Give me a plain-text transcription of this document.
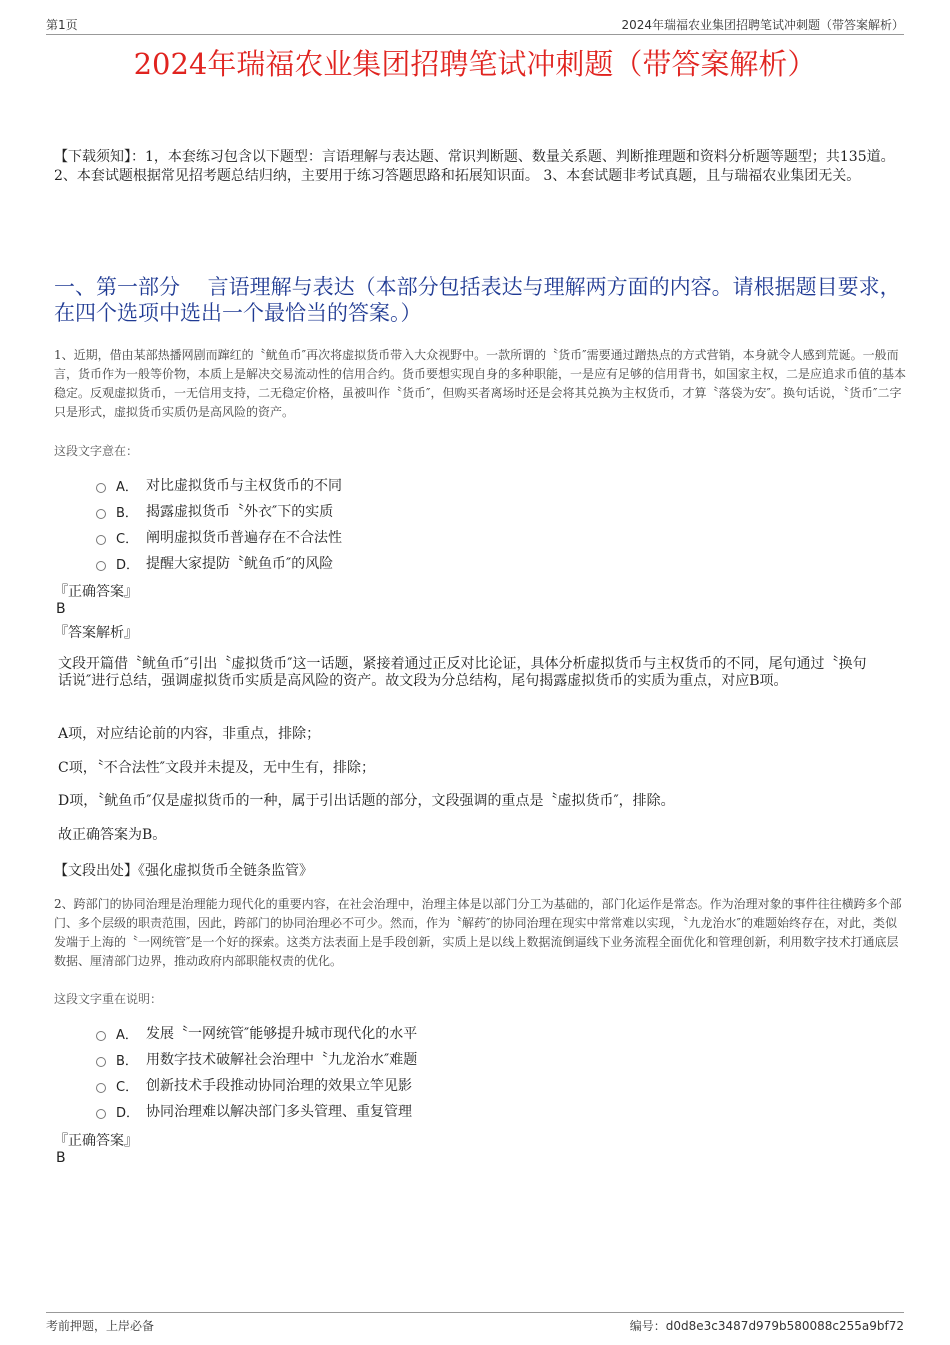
第1页	2024年瑞福农业集团招聘笔试冲刺题（带答案解析）
2024年瑞福农业集团招聘笔试冲刺题（带答案解析）

【下载须知】：1，本套练习包含以下题型：言语理解与表达题、常识判断题、数量关系题、判断推理题和资料分析题等题型；共135道。 2、本套试题根据常见招考题总结归纳，主要用于练习答题思路和拓展知识面。 3、本套试题非考试真题，且与瑞福农业集团无关。

一、第一部分　 言语理解与表达（本部分包括表达与理解两方面的内容。请根据题目要求，在四个选项中选出一个最恰当的答案。）

1、近期，借由某部热播网剧而蹿红的〝鱿鱼币″再次将虚拟货币带入大众视野中。一款所谓的〝货币″需要通过蹭热点的方式营销，本身就令人感到荒诞。一般而言，货币作为一般等价物，本质上是解决交易流动性的信用合约。货币要想实现自身的多种职能，一是应有足够的信用背书，如国家主权，二是应追求币值的基本稳定。反观虚拟货币，一无信用支持，二无稳定价格，虽被叫作〝货币″，但购买者离场时还是会将其兑换为主权货币，才算〝落袋为安″。换句话说，〝货币″二字只是形式，虚拟货币实质仍是高风险的资产。

这段文字意在：

A． 对比虚拟货币与主权货币的不同
B． 揭露虚拟货币〝外衣″下的实质
C． 阐明虚拟货币普遍存在不合法性
D． 提醒大家提防〝鱿鱼币″的风险

『正确答案』

B

『答案解析』

文段开篇借〝鱿鱼币″引出〝虚拟货币″这一话题，紧接着通过正反对比论证，具体分析虚拟货币与主权货币的不同，尾句通过〝换句话说″进行总结，强调虚拟货币实质是高风险的资产。故文段为分总结构，尾句揭露虚拟货币的实质为重点，对应B项。

A项，对应结论前的内容，非重点，排除；

C项，〝不合法性″文段并未提及，无中生有，排除；

D项，〝鱿鱼币″仅是虚拟货币的一种，属于引出话题的部分，文段强调的重点是〝虚拟货币″，排除。

故正确答案为B。

【文段出处】《强化虚拟货币全链条监管》

2、跨部门的协同治理是治理能力现代化的重要内容，在社会治理中，治理主体是以部门分工为基础的，部门化运作是常态。作为治理对象的事件往往横跨多个部门、多个层级的职责范围，因此，跨部门的协同治理必不可少。然而，作为〝解药″的协同治理在现实中常常难以实现，〝九龙治水″的难题始终存在，对此，类似发端于上海的〝一网统管″是一个好的探索。这类方法表面上是手段创新，实质上是以线上数据流倒逼线下业务流程全面优化和管理创新，利用数字技术打通底层数据、厘清部门边界，推动政府内部职能权责的优化。

这段文字重在说明：

A． 发展〝一网统管″能够提升城市现代化的水平
B． 用数字技术破解社会治理中〝九龙治水″难题
C． 创新技术手段推动协同治理的效果立竿见影
D． 协同治理难以解决部门多头管理、重复管理

『正确答案』

B

考前押题，上岸必备	编号：d0d8e3c3487d979b580088c255a9bf72
